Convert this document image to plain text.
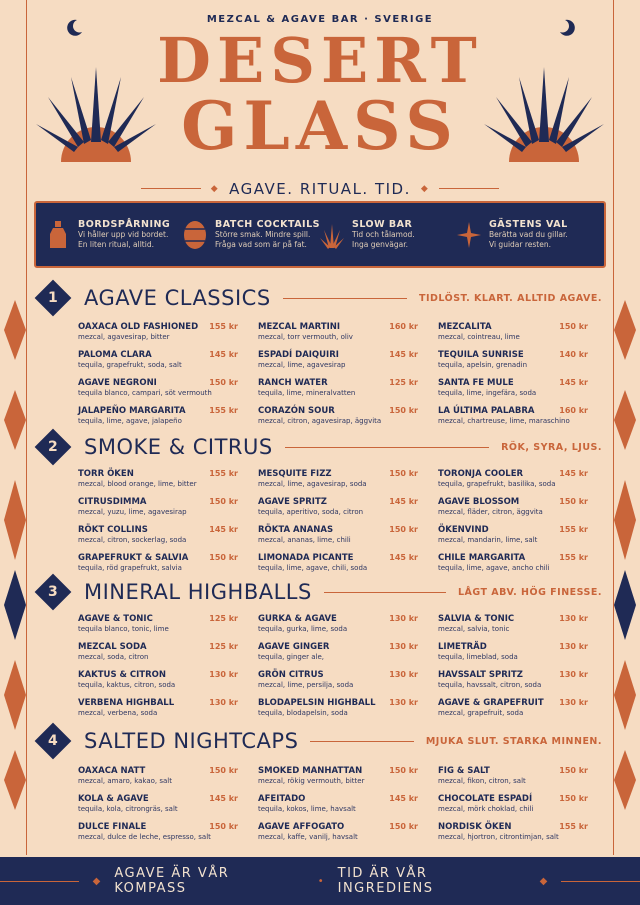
MEZCAL & AGAVE BAR · SVERIGE
DESERT
GLASS
◆ AGAVE. RITUAL. TID. ◆
BORDSPÅRNING
Vi håller upp vid bordet.
En liten ritual, alltid.
BATCH COCKTAILS
Större smak. Mindre spill.
Fråga vad som är på fat.
SLOW BAR
Tid och tålamod.
Inga genvägar.
GÄSTENS VAL
Berätta vad du gillar.
Vi guidar resten.
1 AGAVE CLASSICS	TIDLÖST. KLART. ALLTID AGAVE.
OAXACA OLD FASHIONED 155 kr
mezcal, agavesirap, bitter
MEZCAL MARTINI	160 kr
mezcal, torr vermouth, oliv
MEZCALITA	150 kr
mezcal, cointreau, lime
PALOMA CLARA	145 kr
tequila, grapefrukt, soda, salt
ESPADÍ DAIQUIRI	145 kr
mezcal, lime, agavesirap
TEQUILA SUNRISE	140 kr
tequila, apelsin, grenadin
AGAVE NEGRONI	150 kr
tequila blanco, campari, söt vermouth
RANCH WATER	125 kr
tequila, lime, mineralvatten
SANTA FE MULE	145 kr
tequila, lime, ingefära, soda
JALAPEÑO MARGARITA	155 kr
tequila, lime, agave, jalapeño
CORAZÓN SOUR	150 kr
mezcal, citron, agavesirap, äggvita
LA ÚLTIMA PALABRA	160 kr
mezcal, chartreuse, lime, maraschino
2 SMOKE & CITRUS	RÖK, SYRA, LJUS.
TORR ÖKEN	155 kr
mezcal, blood orange, lime, bitter
MESQUITE FIZZ	150 kr
mezcal, lime, agavesirap, soda
TORONJA COOLER	145 kr
tequila, grapefrukt, basilika, soda
CITRUSDIMMA	150 kr
mezcal, yuzu, lime, agavesirap
AGAVE SPRITZ	145 kr
tequila, aperitivo, soda, citron
AGAVE BLOSSOM	150 kr
mezcal, fläder, citron, äggvita
RÖKT COLLINS	145 kr
mezcal, citron, sockerlag, soda
RÖKTA ANANAS	150 kr
mezcal, ananas, lime, chili
ÖKENVIND	155 kr
mezcal, mandarin, lime, salt
GRAPEFRUKT & SALVIA	150 kr
tequila, röd grapefrukt, salvia
LIMONADA PICANTE	145 kr
tequila, lime, agave, chili, soda
CHILE MARGARITA	155 kr
tequila, lime, agave, ancho chili
3 MINERAL HIGHBALLS	LÅGT ABV. HÖG FINESSE.
AGAVE & TONIC	125 kr
tequila blanco, tonic, lime
GURKA & AGAVE	130 kr
tequila, gurka, lime, soda
SALVIA & TONIC	130 kr
mezcal, salvia, tonic
MEZCAL SODA	125 kr
mezcal, soda, citron
AGAVE GINGER	130 kr
tequila, ginger ale,
LIMETRÄD	130 kr
tequila, limeblad, soda
KAKTUS & CITRON	130 kr
tequila, kaktus, citron, soda
GRÖN CITRUS	130 kr
mezcal, lime, persilja, soda
HAVSSALT SPRITZ	130 kr
tequila, havssalt, citron, soda
VERBENA HIGHBALL	130 kr
mezcal, verbena, soda
BLODAPELSIN HIGHBALL 130 kr
tequila, blodapelsin, soda
AGAVE & GRAPEFRUIT 130 kr
mezcal, grapefruit, soda
4 SALTED NIGHTCAPS	MJUKA SLUT. STARKA MINNEN.
OAXACA NATT	150 kr
mezcal, amaro, kakao, salt
SMOKED MANHATTAN	150 kr
mezcal, rökig vermouth, bitter
FIG & SALT	150 kr
mezcal, fikon, citron, salt
KOLA & AGAVE	145 kr
tequila, kola, citrongräs, salt
AFEITADO	145 kr
tequila, kokos, lime, havsalt
CHOCOLATE ESPADÍ	150 kr
mezcal, mörk choklad, chili
DULCE FINALE	150 kr
mezcal, dulce de leche, espresso, salt
AGAVE AFFOGATO	150 kr
mezcal, kaffe, vanilj, havsalt
NORDISK ÖKEN	155 kr
mezcal, hjortron, citrontimjan, salt
◆ AGAVE ÄR VÅR KOMPASS	• TID ÄR VÅR INGREDIENS	◆
